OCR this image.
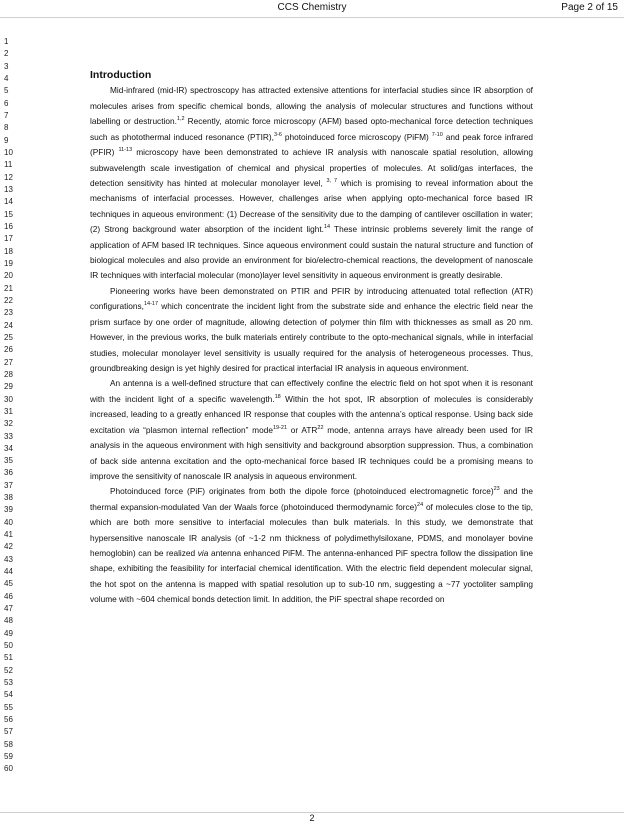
CCS Chemistry	Page 2 of 15
1
2
3
4
5
6
7
8
9
10
11
12
13
14
15
16
17
18
19
20
21
22
23
24
25
26
27
28
29
30
31
32
33
34
35
36
37
38
39
40
41
42
43
44
45
46
47
48
49
50
51
52
53
54
55
56
57
58
59
60
Introduction

Mid-infrared (mid-IR) spectroscopy has attracted extensive attentions for interfacial studies since IR absorption of molecules arises from specific chemical bonds, allowing the analysis of molecular structures and functions without labelling or destruction.$^{1,2}$ Recently, atomic force microscopy (AFM) based opto-mechanical force detection techniques such as photothermal induced resonance (PTIR),$^{3-6}$ photoinduced force microscopy (PiFM) $^{7-10}$ and peak force infrared (PFIR) $^{11-13}$ microscopy have been demonstrated to achieve IR analysis with nanoscale spatial resolution, allowing subwavelength scale investigation of chemical and physical properties of molecules. At solid/gas interfaces, the detection sensitivity has hinted at molecular monolayer level, $^{3, 7}$ which is promising to reveal information about the mechanisms of interfacial processes. However, challenges arise when applying opto-mechanical force based IR techniques in aqueous environment: (1) Decrease of the sensitivity due to the damping of cantilever oscillation in water; (2) Strong background water absorption of the incident light.$^{14}$ These intrinsic problems severely limit the range of application of AFM based IR techniques. Since aqueous environment could sustain the natural structure and function of biological molecules and also provide an environment for bio/electro-chemical reactions, the development of nanoscale IR techniques with interfacial molecular (mono)layer level sensitivity in aqueous environment is greatly desirable.

Pioneering works have been demonstrated on PTIR and PFIR by introducing attenuated total reflection (ATR) configurations,$^{14-17}$ which concentrate the incident light from the substrate side and enhance the electric field near the prism surface by one order of magnitude, allowing detection of polymer thin film with thicknesses as small as 20 nm. However, in the previous works, the bulk materials entirely contribute to the opto-mechanical signals, while in interfacial studies, molecular monolayer level sensitivity is usually required for the analysis of heterogeneous processes. Thus, groundbreaking design is yet highly desired for practical interfacial IR analysis in aqueous environment.

An antenna is a well-defined structure that can effectively confine the electric field on hot spot when it is resonant with the incident light of a specific wavelength.$^{18}$ Within the hot spot, IR absorption of molecules is considerably increased, leading to a greatly enhanced IR response that couples with the antenna’s optical response. Using back side excitation via “plasmon internal reflection” mode$^{19-21}$ or ATR$^{22}$ mode, antenna arrays have already been used for IR analysis in the aqueous environment with high sensitivity and background absorption suppression. Thus, a combination of back side antenna excitation and the opto-mechanical force based IR techniques could be a promising means to improve the sensitivity of nanoscale IR analysis in aqueous environment.

Photoinduced force (PiF) originates from both the dipole force (photoinduced electromagnetic force)$^{23}$ and the thermal expansion-modulated Van der Waals force (photoinduced thermodynamic force)$^{24}$ of molecules close to the tip, which are both more sensitive to interfacial molecules than bulk materials. In this study, we demonstrate that hypersensitive nanoscale IR analysis (of ~1-2 nm thickness of polydimethylsiloxane, PDMS, and monolayer bovine hemoglobin) can be realized via antenna enhanced PiFM. The antenna-enhanced PiF spectra follow the dissipation line shape, exhibiting the feasibility for interfacial chemical identification. With the electric field dependent molecular signal, the hot spot on the antenna is mapped with spatial resolution up to sub-10 nm, suggesting a ~77 yoctoliter sampling volume with ~604 chemical bonds detection limit. In addition, the PiF spectral shape recorded on

2
